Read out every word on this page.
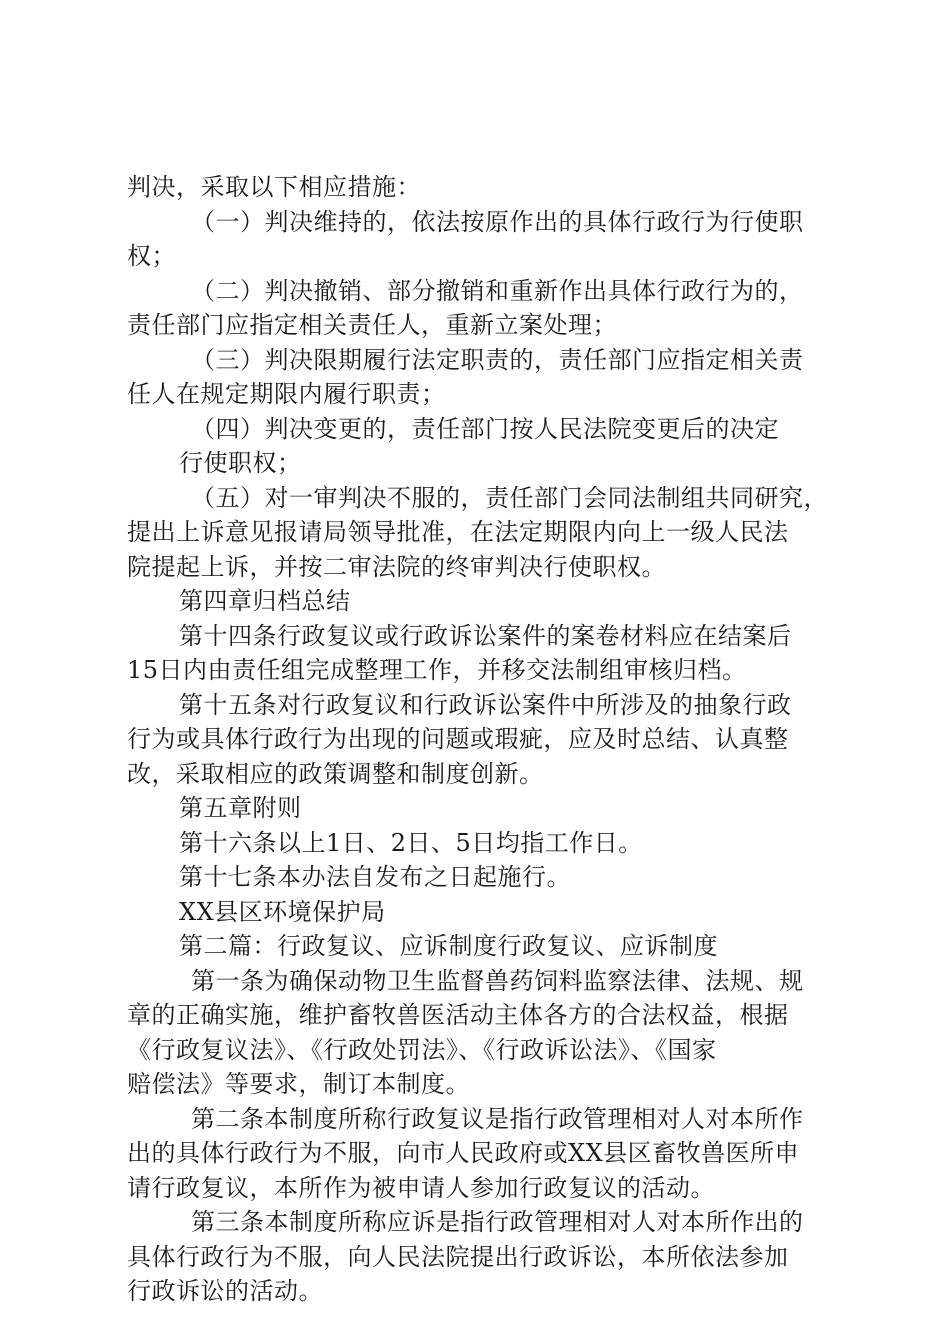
判决，采取以下相应措施：
（一）判决维持的，依法按原作出的具体行政行为行使职
权；
（二）判决撤销、部分撤销和重新作出具体行政行为的，
责任部门应指定相关责任人，重新立案处理；
（三）判决限期履行法定职责的，责任部门应指定相关责
任人在规定期限内履行职责；
（四）判决变更的，责任部门按人民法院变更后的决定
行使职权；
（五）对一审判决不服的，责任部门会同法制组共同研究，
提出上诉意见报请局领导批准，在法定期限内向上一级人民法
院提起上诉，并按二审法院的终审判决行使职权。
第四章归档总结
第十四条行政复议或行政诉讼案件的案卷材料应在结案后
15日内由责任组完成整理工作，并移交法制组审核归档。
第十五条对行政复议和行政诉讼案件中所涉及的抽象行政
行为或具体行政行为出现的问题或瑕疵，应及时总结、认真整
改，采取相应的政策调整和制度创新。
第五章附则
第十六条以上1日、2日、5日均指工作日。
第十七条本办法自发布之日起施行。
XX县区环境保护局
第二篇：行政复议、应诉制度行政复议、应诉制度
第一条为确保动物卫生监督兽药饲料监察法律、法规、规
章的正确实施，维护畜牧兽医活动主体各方的合法权益，根据
《行政复议法》、《行政处罚法》、《行政诉讼法》、《国家
赔偿法》等要求，制订本制度。
第二条本制度所称行政复议是指行政管理相对人对本所作
出的具体行政行为不服，向市人民政府或XX县区畜牧兽医所申
请行政复议，本所作为被申请人参加行政复议的活动。
第三条本制度所称应诉是指行政管理相对人对本所作出的
具体行政行为不服，向人民法院提出行政诉讼，本所依法参加
行政诉讼的活动。
